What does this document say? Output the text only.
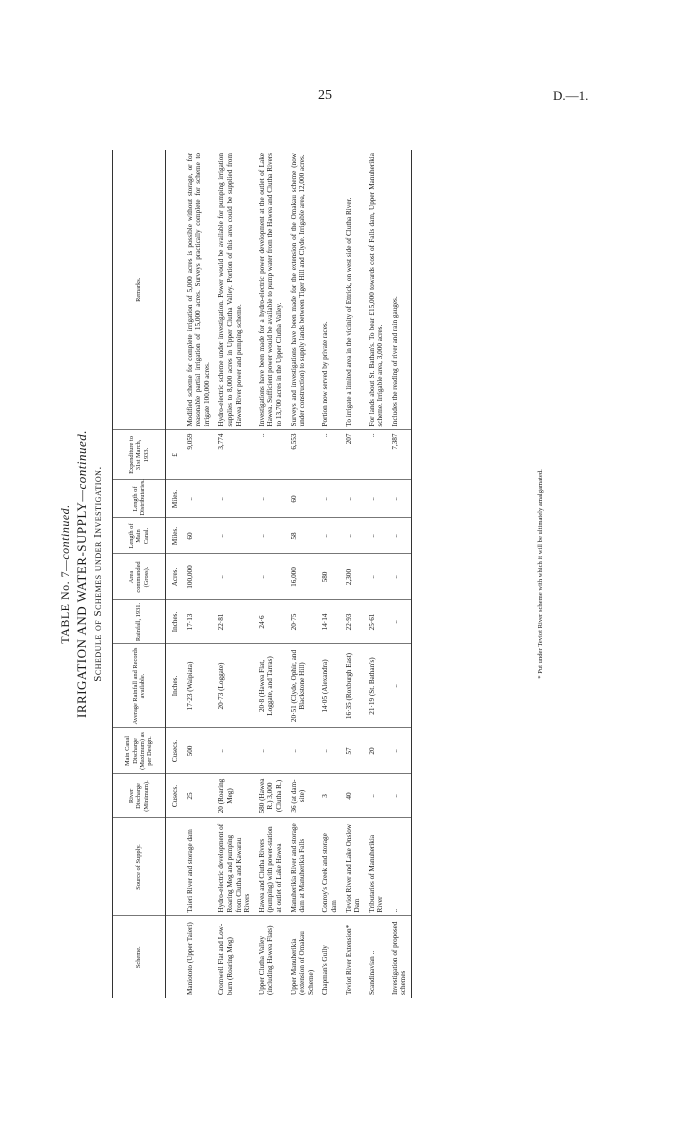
25	D.—1.
TABLE No. 7—continued. IRRIGATION AND WATER-SUPPLY—continued.
Schedule of Schemes under Investigation.
Scheme.	Source of Supply.	River Discharge (Minimum).	Main Canal Discharge (Maximum) as per Design.	Average Rainfall and Records available.	Rainfall, 1931.	Area commanded (Gross).	Length of Main Canal.	Length of Distributaries.	Expenditure to 31st March, 1933.	Remarks.
		Cusecs.	Cusecs.	Inches.	Inches.	Acres.	Miles.	Miles.	£	
Maniototo (Upper Taieri)	Taieri River and storage dam	25	500	17·23 (Waipiata)	17·13	100,000	60	..	9,059	Modified scheme for complete irrigation of 5,000 acres is possible without storage, or for reasonable partial irrigation of 15,000 acres. Surveys practically complete for scheme to irrigate 100,000 acres.
Cromwell Flat and Low-burn (Roaring Meg)	Hydro-electric development of Roaring Meg and pumping from Clutha and Kawarau Rivers	20 (Roaring Meg)	..	20·73 (Loggate)	22·81	..	..	..	3,774	Hydro-electric scheme under investigation. Power would be available for pumping irrigation supplies to 8,000 acres in Upper Clutha Valley. Portion of this area could be supplied from Hawea River power and pumping scheme.
Upper Clutha Valley (including Hawea Flats)	Hawea and Clutha Rivers (pumping) with power-station at outlet of Lake Hawea	580 (Hawea R.) 3,000 (Clutha R.)	..	20·8 (Hawea Flat, Loggate, and Tarras)	24·6	..	..	..	..	Investigations have been made for a hydro-electric power development at the outlet of Lake Hawea. Sufficient power would be available to pump water from the Hawea and Clutha Rivers to 13,700 acres in the Upper Clutha Valley.
Upper Manuherikia (extension of Omakau Scheme)	Manuherikia River and storage dam at Manuherikia Falls	36 (at dam-site)	..	20·51 (Clyde, Ophir, and Blackstone Hill)	20·75	16,000	58	60	6,553	Surveys and investigations have been made for the extension of the Omakau scheme (now under construction) to supply lands between Tiger Hill and Clyde. Irrigable area, 12,000 acres.
Chapman's Gully	Conroy's Creek and storage dam	3	..	14·05 (Alexandra)	14·14	580	..	..	..	Portion now served by private races.
Teviot River Extension*	Teviot River and Lake Onslow Dam	40	57	16·35 (Roxburgh East)	22·93	2,300	..	..	207	To irrigate a limited area in the vicinity of Ettrick, on west side of Clutha River.
Scandinavian ..	Tributaries of Manuherikia River	..	20	21·19 (St. Bathan's)	25·61	..	..	..	..	For lands about St. Bathan's. To bear £15,000 towards cost of Falls dam, Upper Manuherikia scheme. Irrigable area, 3,000 acres.
Investigation of proposed schemes	..	..	..	..	..	..	..	..	7,387	Includes the reading of river and rain gauges.
* Put under Teviot River scheme with which it will be ultimately amalgamated.
